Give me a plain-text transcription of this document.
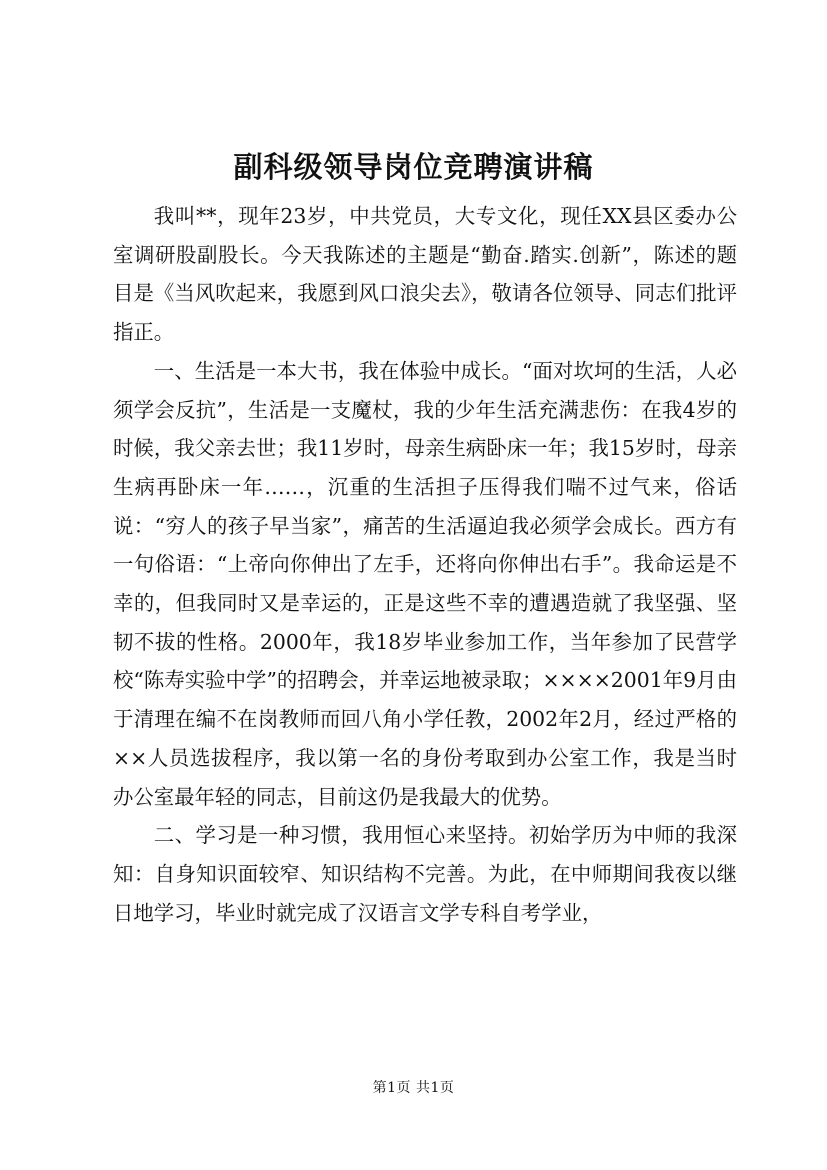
副科级领导岗位竞聘演讲稿

我叫**，现年23岁，中共党员，大专文化，现任XX县区委办公室调研股副股长。今天我陈述的主题是“勤奋.踏实.创新”，陈述的题目是《当风吹起来，我愿到风口浪尖去》，敬请各位领导、同志们批评指正。

一、生活是一本大书，我在体验中成长。“面对坎坷的生活，人必须学会反抗”，生活是一支魔杖，我的少年生活充满悲伤：在我4岁的时候，我父亲去世；我11岁时，母亲生病卧床一年；我15岁时，母亲生病再卧床一年……，沉重的生活担子压得我们喘不过气来，俗话说：“穷人的孩子早当家”，痛苦的生活逼迫我必须学会成长。西方有一句俗语：“上帝向你伸出了左手，还将向你伸出右手”。我命运是不幸的，但我同时又是幸运的，正是这些不幸的遭遇造就了我坚强、坚韧不拔的性格。2000年，我18岁毕业参加工作，当年参加了民营学校“陈寿实验中学”的招聘会，并幸运地被录取；××××2001年9月由于清理在编不在岗教师而回八角小学任教，2002年2月，经过严格的××人员选拔程序，我以第一名的身份考取到办公室工作，我是当时办公室最年轻的同志，目前这仍是我最大的优势。

二、学习是一种习惯，我用恒心来坚持。初始学历为中师的我深知：自身知识面较窄、知识结构不完善。为此，在中师期间我夜以继日地学习，毕业时就完成了汉语言文学专科自考学业，

第1页 共1页
